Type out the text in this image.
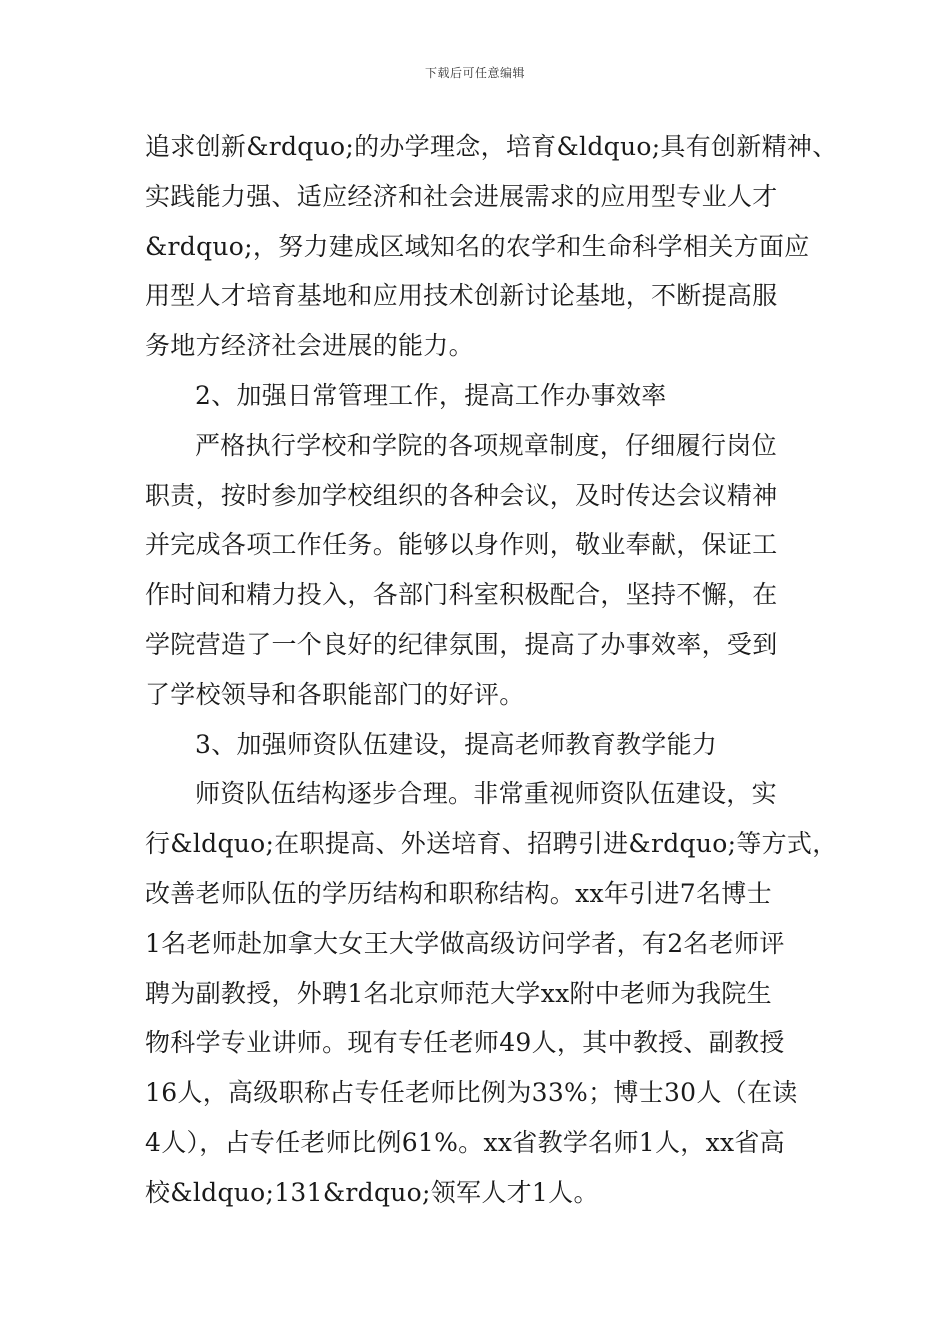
下载后可任意编辑
追求创新&rdquo;的办学理念，培育&ldquo;具有创新精神、
实践能力强、适应经济和社会进展需求的应用型专业人才
&rdquo;，努力建成区域知名的农学和生命科学相关方面应
用型人才培育基地和应用技术创新讨论基地，不断提高服
务地方经济社会进展的能力。
2、加强日常管理工作，提高工作办事效率
严格执行学校和学院的各项规章制度，仔细履行岗位
职责，按时参加学校组织的各种会议，及时传达会议精神
并完成各项工作任务。能够以身作则，敬业奉献，保证工
作时间和精力投入，各部门科室积极配合，坚持不懈，在
学院营造了一个良好的纪律氛围，提高了办事效率，受到
了学校领导和各职能部门的好评。
3、加强师资队伍建设，提高老师教育教学能力
师资队伍结构逐步合理。非常重视师资队伍建设，实
行&ldquo;在职提高、外送培育、招聘引进&rdquo;等方式，
改善老师队伍的学历结构和职称结构。xx年引进7名博士
1名老师赴加拿大女王大学做高级访问学者，有2名老师评
聘为副教授，外聘1名北京师范大学xx附中老师为我院生
物科学专业讲师。现有专任老师49人，其中教授、副教授
16人，高级职称占专任老师比例为33%；博士30人（在读
4人），占专任老师比例61%。xx省教学名师1人，xx省高
校&ldquo;131&rdquo;领军人才1人。
